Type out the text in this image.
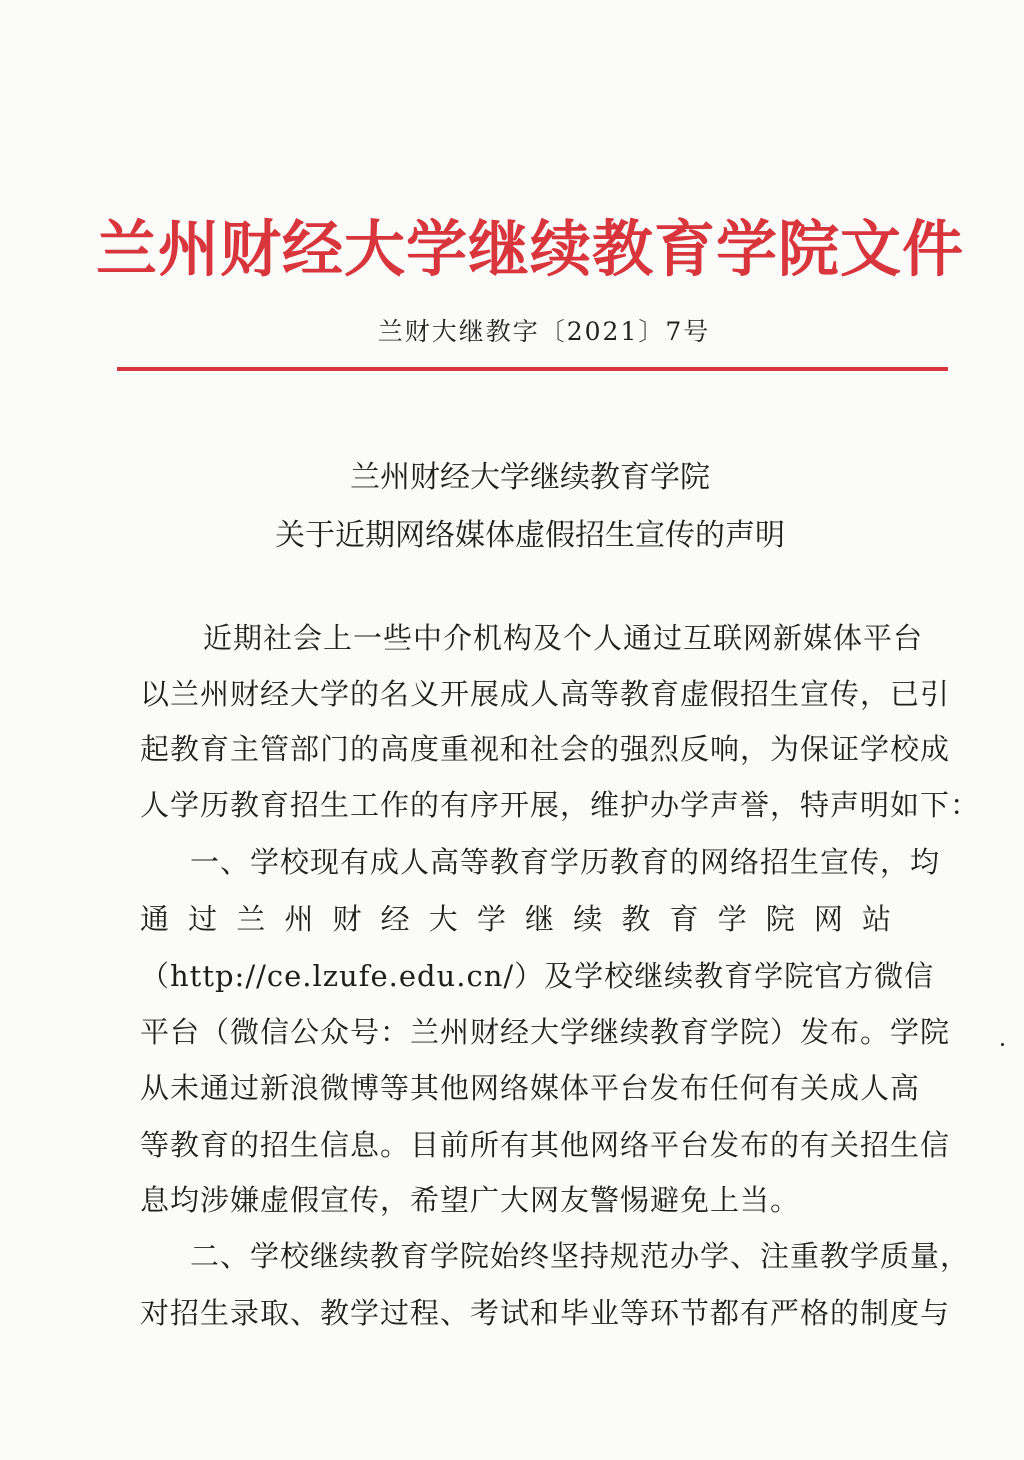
兰州财经大学继续教育学院文件
兰财大继教字〔2021〕7号
兰州财经大学继续教育学院
关于近期网络媒体虚假招生宣传的声明
近期社会上一些中介机构及个人通过互联网新媒体平台
以兰州财经大学的名义开展成人高等教育虚假招生宣传，已引
起教育主管部门的高度重视和社会的强烈反响，为保证学校成
人学历教育招生工作的有序开展，维护办学声誉，特声明如下：
一、学校现有成人高等教育学历教育的网络招生宣传，均
通过兰州财经大学继续教育学院网站
（http://ce.lzufe.edu.cn/）及学校继续教育学院官方微信
平台（微信公众号：兰州财经大学继续教育学院）发布。学院
从未通过新浪微博等其他网络媒体平台发布任何有关成人高
等教育的招生信息。目前所有其他网络平台发布的有关招生信
息均涉嫌虚假宣传，希望广大网友警惕避免上当。
二、学校继续教育学院始终坚持规范办学、注重教学质量，
对招生录取、教学过程、考试和毕业等环节都有严格的制度与
